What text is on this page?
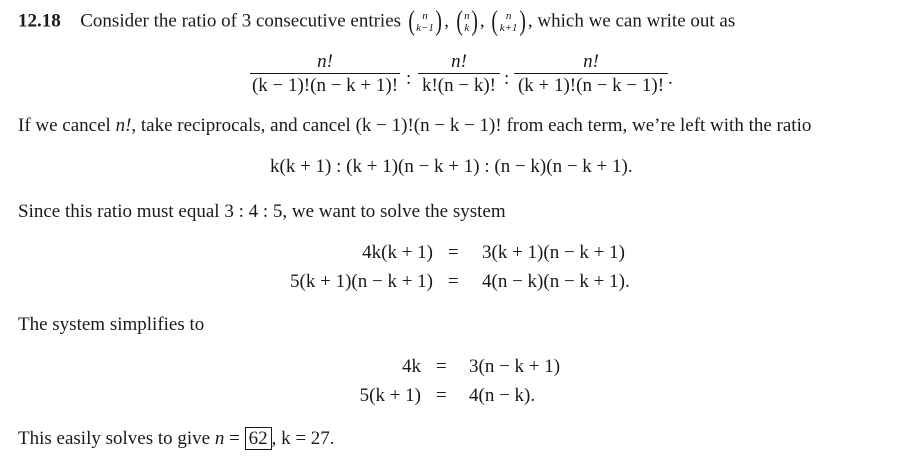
12.18 Consider the ratio of 3 consecutive entries ( n
k−1 ) , ( n
k ) , ( n
k+1 ) , which we can write out as
n!
(k − 1)!(n − k + 1)! :
n!
k!(n − k)! :
n!
(k + 1)!(n − k − 1)! .
If we cancel n!, take reciprocals, and cancel (k − 1)!(n − k − 1)! from each term, we’re left with the ratio
k(k + 1) : (k + 1)(n − k + 1) : (n − k)(n − k + 1).
Since this ratio must equal 3 : 4 : 5, we want to solve the system
4k(k + 1) = 3(k + 1)(n − k + 1)
5(k + 1)(n − k + 1) = 4(n − k)(n − k + 1).
The system simplifies to
4k = 3(n − k + 1)
5(k + 1) = 4(n − k).
This easily solves to give n = 62 , k = 27.
